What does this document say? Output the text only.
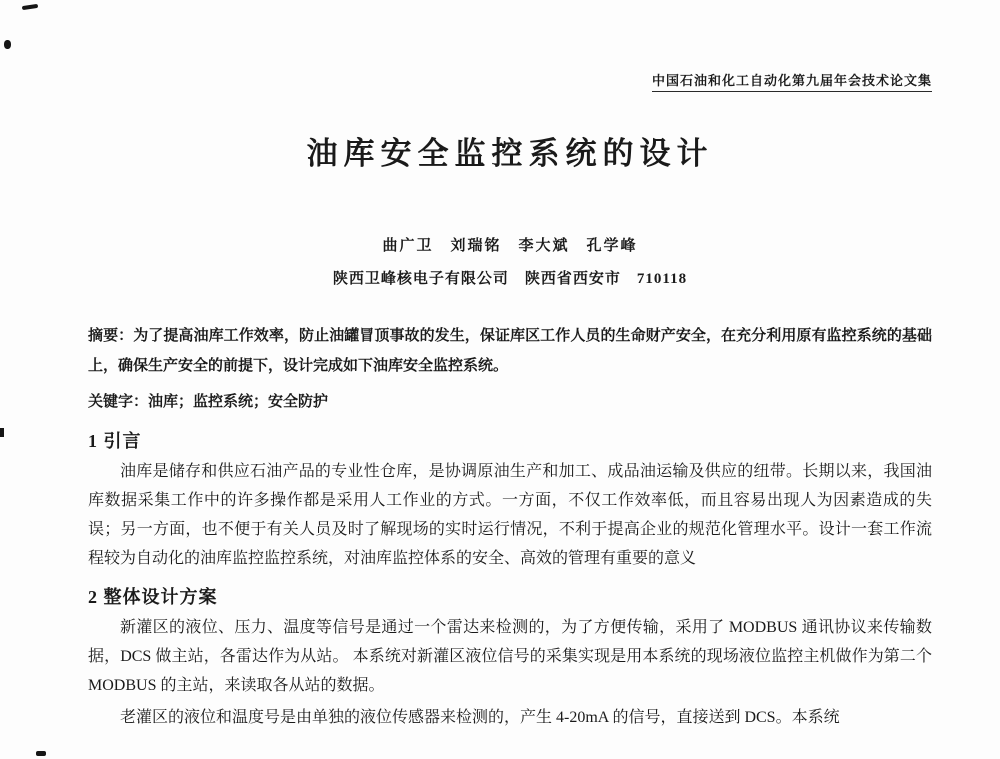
中国石油和化工自动化第九届年会技术论文集
油库安全监控系统的设计
曲广卫　刘瑞铭　李大斌　孔学峰
陕西卫峰核电子有限公司　陕西省西安市　710118

摘要：为了提高油库工作效率，防止油罐冒顶事故的发生，保证库区工作人员的生命财产安全，在充分利用原有监控系统的基础上，确保生产安全的前提下，设计完成如下油库安全监控系统。

关键字：油库；监控系统；安全防护

1 引言

油库是储存和供应石油产品的专业性仓库，是协调原油生产和加工、成品油运输及供应的纽带。长期以来，我国油库数据采集工作中的许多操作都是采用人工作业的方式。一方面，不仅工作效率低，而且容易出现人为因素造成的失误；另一方面，也不便于有关人员及时了解现场的实时运行情况，不利于提高企业的规范化管理水平。设计一套工作流程较为自动化的油库监控监控系统，对油库监控体系的安全、高效的管理有重要的意义

2 整体设计方案

新灌区的液位、压力、温度等信号是通过一个雷达来检测的，为了方便传输，采用了 MODBUS 通讯协议来传输数据，DCS 做主站，各雷达作为从站。 本系统对新灌区液位信号的采集实现是用本系统的现场液位监控主机做作为第二个 MODBUS 的主站，来读取各从站的数据。

老灌区的液位和温度号是由单独的液位传感器来检测的，产生 4-20mA 的信号，直接送到 DCS。本系统
